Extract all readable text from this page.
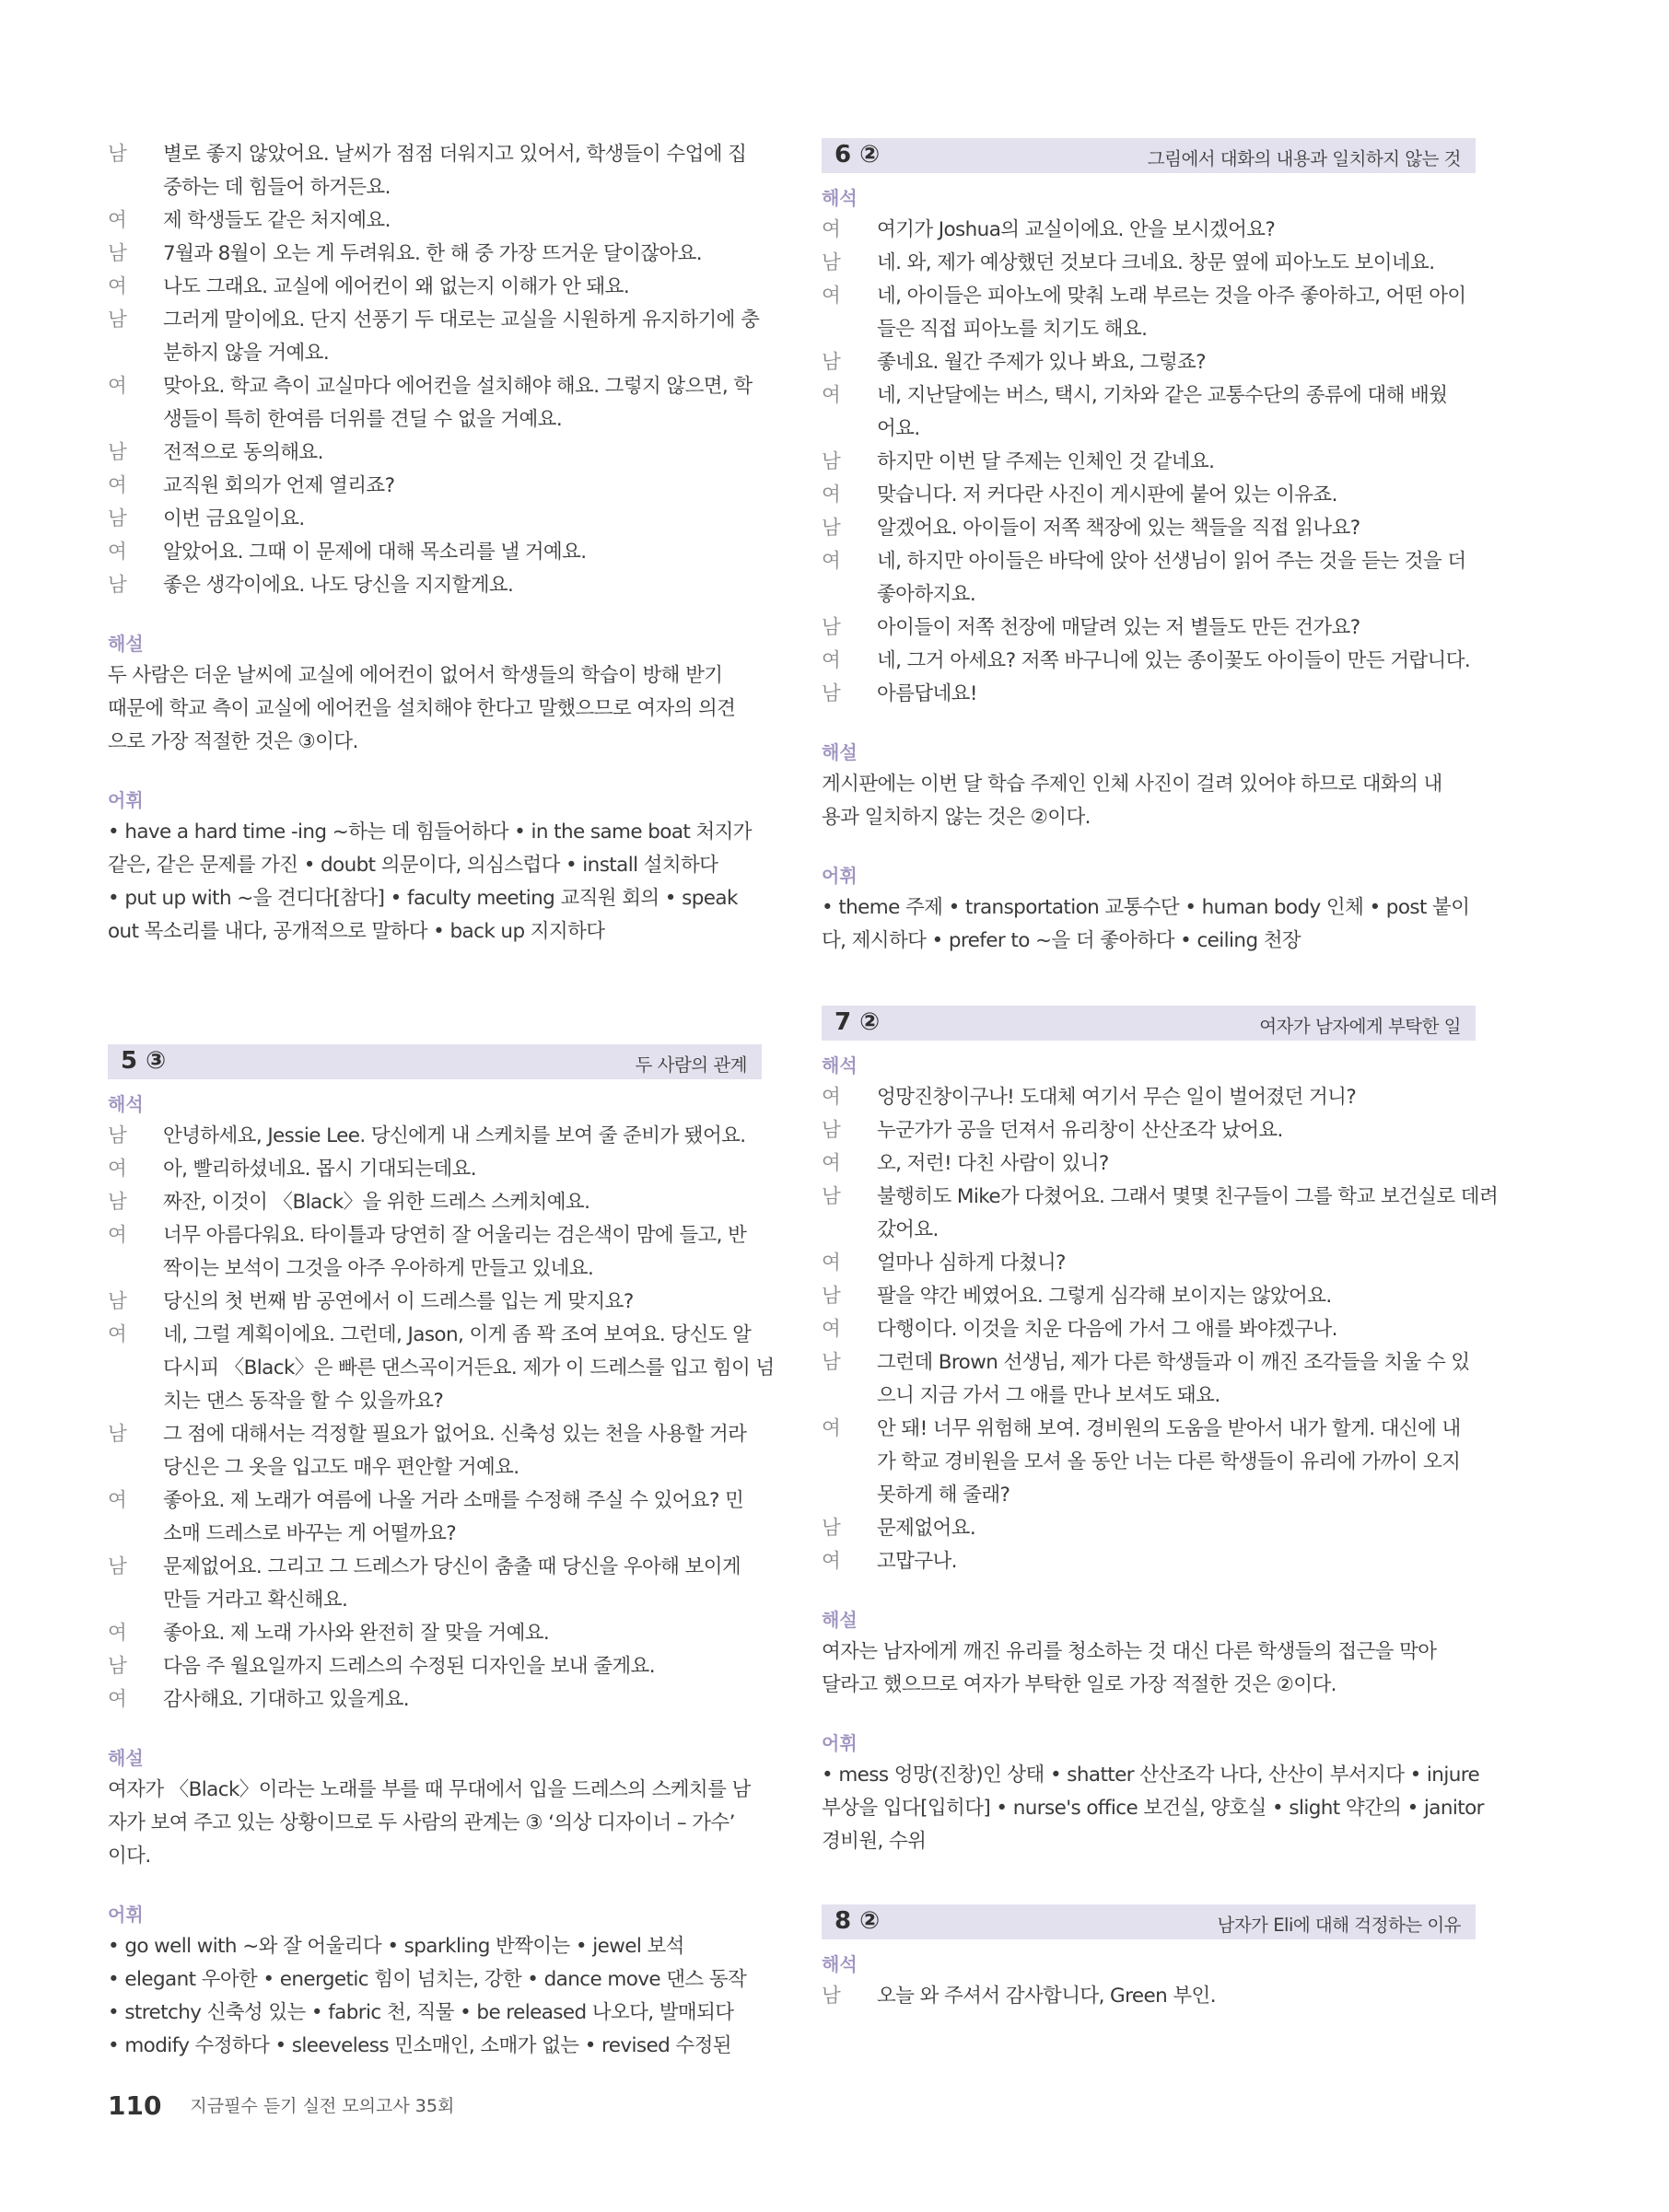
남 별로 좋지 않았어요. 날씨가 점점 더워지고 있어서, 학생들이 수업에 집
중하는 데 힘들어 하거든요.
여 제 학생들도 같은 처지예요.
남 7월과 8월이 오는 게 두려워요. 한 해 중 가장 뜨거운 달이잖아요.
여 나도 그래요. 교실에 에어컨이 왜 없는지 이해가 안 돼요.
남 그러게 말이에요. 단지 선풍기 두 대로는 교실을 시원하게 유지하기에 충
분하지 않을 거예요.
여 맞아요. 학교 측이 교실마다 에어컨을 설치해야 해요. 그렇지 않으면, 학
생들이 특히 한여름 더위를 견딜 수 없을 거예요.
남 전적으로 동의해요.
여 교직원 회의가 언제 열리죠?
남 이번 금요일이요.
여 알았어요. 그때 이 문제에 대해 목소리를 낼 거예요.
남 좋은 생각이에요. 나도 당신을 지지할게요.
해설
두 사람은 더운 날씨에 교실에 에어컨이 없어서 학생들의 학습이 방해 받기
때문에 학교 측이 교실에 에어컨을 설치해야 한다고 말했으므로 여자의 의견
으로 가장 적절한 것은 ③이다.
어휘
• have a hard time -ing ~하는 데 힘들어하다 • in the same boat 처지가
같은, 같은 문제를 가진 • doubt 의문이다, 의심스럽다 • install 설치하다
• put up with ~을 견디다[참다] • faculty meeting 교직원 회의 • speak
out 목소리를 내다, 공개적으로 말하다 • back up 지지하다
5 ③	두 사람의 관계
해석
남 안녕하세요, Jessie Lee. 당신에게 내 스케치를 보여 줄 준비가 됐어요.
여 아, 빨리하셨네요. 몹시 기대되는데요.
남 짜잔, 이것이 〈Black〉을 위한 드레스 스케치예요.
여 너무 아름다워요. 타이틀과 당연히 잘 어울리는 검은색이 맘에 들고, 반
짝이는 보석이 그것을 아주 우아하게 만들고 있네요.
남 당신의 첫 번째 밤 공연에서 이 드레스를 입는 게 맞지요?
여 네, 그럴 계획이에요. 그런데, Jason, 이게 좀 꽉 조여 보여요. 당신도 알
다시피 〈Black〉은 빠른 댄스곡이거든요. 제가 이 드레스를 입고 힘이 넘
치는 댄스 동작을 할 수 있을까요?
남 그 점에 대해서는 걱정할 필요가 없어요. 신축성 있는 천을 사용할 거라
당신은 그 옷을 입고도 매우 편안할 거예요.
여 좋아요. 제 노래가 여름에 나올 거라 소매를 수정해 주실 수 있어요? 민
소매 드레스로 바꾸는 게 어떨까요?
남 문제없어요. 그리고 그 드레스가 당신이 춤출 때 당신을 우아해 보이게
만들 거라고 확신해요.
여 좋아요. 제 노래 가사와 완전히 잘 맞을 거예요.
남 다음 주 월요일까지 드레스의 수정된 디자인을 보내 줄게요.
여 감사해요. 기대하고 있을게요.
해설
여자가 〈Black〉이라는 노래를 부를 때 무대에서 입을 드레스의 스케치를 남
자가 보여 주고 있는 상황이므로 두 사람의 관계는 ③ ‘의상 디자이너 – 가수’
이다.
어휘
• go well with ~와 잘 어울리다 • sparkling 반짝이는 • jewel 보석
• elegant 우아한 • energetic 힘이 넘치는, 강한 • dance move 댄스 동작
• stretchy 신축성 있는 • fabric 천, 직물 • be released 나오다, 발매되다
• modify 수정하다 • sleeveless 민소매인, 소매가 없는 • revised 수정된
6 ②	그림에서 대화의 내용과 일치하지 않는 것
해석
여 여기가 Joshua의 교실이에요. 안을 보시겠어요?
남 네. 와, 제가 예상했던 것보다 크네요. 창문 옆에 피아노도 보이네요.
여 네, 아이들은 피아노에 맞춰 노래 부르는 것을 아주 좋아하고, 어떤 아이
들은 직접 피아노를 치기도 해요.
남 좋네요. 월간 주제가 있나 봐요, 그렇죠?
여 네, 지난달에는 버스, 택시, 기차와 같은 교통수단의 종류에 대해 배웠
어요.
남 하지만 이번 달 주제는 인체인 것 같네요.
여 맞습니다. 저 커다란 사진이 게시판에 붙어 있는 이유죠.
남 알겠어요. 아이들이 저쪽 책장에 있는 책들을 직접 읽나요?
여 네, 하지만 아이들은 바닥에 앉아 선생님이 읽어 주는 것을 듣는 것을 더
좋아하지요.
남 아이들이 저쪽 천장에 매달려 있는 저 별들도 만든 건가요?
여 네, 그거 아세요? 저쪽 바구니에 있는 종이꽃도 아이들이 만든 거랍니다.
남 아름답네요!
해설
게시판에는 이번 달 학습 주제인 인체 사진이 걸려 있어야 하므로 대화의 내
용과 일치하지 않는 것은 ②이다.
어휘
• theme 주제 • transportation 교통수단 • human body 인체 • post 붙이
다, 제시하다 • prefer to ~을 더 좋아하다 • ceiling 천장
7 ②	여자가 남자에게 부탁한 일
해석
여 엉망진창이구나! 도대체 여기서 무슨 일이 벌어졌던 거니?
남 누군가가 공을 던져서 유리창이 산산조각 났어요.
여 오, 저런! 다친 사람이 있니?
남 불행히도 Mike가 다쳤어요. 그래서 몇몇 친구들이 그를 학교 보건실로 데려
갔어요.
여 얼마나 심하게 다쳤니?
남 팔을 약간 베였어요. 그렇게 심각해 보이지는 않았어요.
여 다행이다. 이것을 치운 다음에 가서 그 애를 봐야겠구나.
남 그런데 Brown 선생님, 제가 다른 학생들과 이 깨진 조각들을 치울 수 있
으니 지금 가서 그 애를 만나 보셔도 돼요.
여 안 돼! 너무 위험해 보여. 경비원의 도움을 받아서 내가 할게. 대신에 내
가 학교 경비원을 모셔 올 동안 너는 다른 학생들이 유리에 가까이 오지
못하게 해 줄래?
남 문제없어요.
여 고맙구나.
해설
여자는 남자에게 깨진 유리를 청소하는 것 대신 다른 학생들의 접근을 막아
달라고 했으므로 여자가 부탁한 일로 가장 적절한 것은 ②이다.
어휘
• mess 엉망(진창)인 상태 • shatter 산산조각 나다, 산산이 부서지다 • injure
부상을 입다[입히다] • nurse's office 보건실, 양호실 • slight 약간의 • janitor
경비원, 수위
8 ②	남자가 Eli에 대해 걱정하는 이유
해석
남 오늘 와 주셔서 감사합니다, Green 부인.
110 지금필수 듣기 실전 모의고사 35회
